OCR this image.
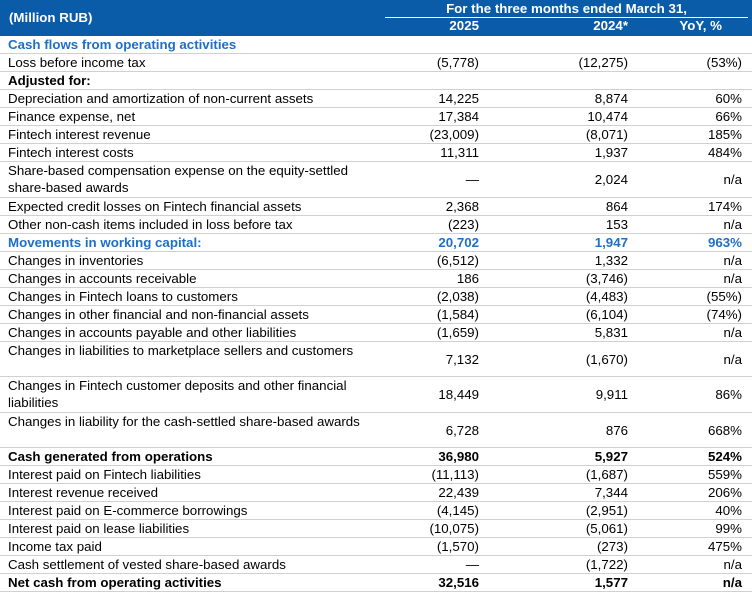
(Million RUB)
For the three months ended March 31,
2025	2024*	YoY, %
Cash flows from operating activities
Loss before income tax	(5,778)	(12,275)	(53%)
Adjusted for:
Depreciation and amortization of non-current assets	14,225	8,874	60%
Finance expense, net	17,384	10,474	66%
Fintech interest revenue	(23,009)	(8,071)	185%
Fintech interest costs	11,311	1,937	484%
Share-based compensation expense on the equity-settled share-based awards
—	2,024	n/a
Expected credit losses on Fintech financial assets	2,368	864	174%
Other non-cash items included in loss before tax	(223)	153	n/a
Movements in working capital:	20,702	1,947	963%
Changes in inventories	(6,512)	1,332	n/a
Changes in accounts receivable	186	(3,746)	n/a
Changes in Fintech loans to customers	(2,038)	(4,483)	(55%)
Changes in other financial and non-financial assets	(1,584)	(6,104)	(74%)
Changes in accounts payable and other liabilities	(1,659)	5,831	n/a
Changes in liabilities to marketplace sellers and customers
7,132	(1,670)	n/a
Changes in Fintech customer deposits and other financial liabilities
18,449	9,911	86%
Changes in liability for the cash-settled share-based awards
6,728	876	668%
Cash generated from operations	36,980	5,927	524%
Interest paid on Fintech liabilities	(11,113)	(1,687)	559%
Interest revenue received	22,439	7,344	206%
Interest paid on E-commerce borrowings	(4,145)	(2,951)	40%
Interest paid on lease liabilities	(10,075)	(5,061)	99%
Income tax paid	(1,570)	(273)	475%
Cash settlement of vested share-based awards	—	(1,722)	n/a
Net cash from operating activities	32,516	1,577	n/a
